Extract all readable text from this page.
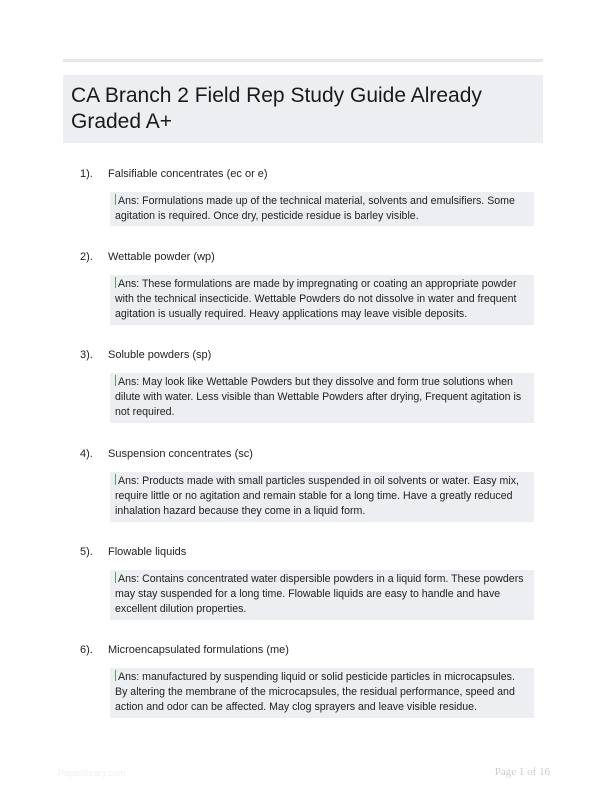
CA Branch 2 Field Rep Study Guide Already Graded A+
1). Falsifiable concentrates (ec or e)
Ans: Formulations made up of the technical material, solvents and emulsifiers. Some agitation is required. Once dry, pesticide residue is barley visible.
2). Wettable powder (wp)
Ans: These formulations are made by impregnating or coating an appropriate powder with the technical insecticide. Wettable Powders do not dissolve in water and frequent agitation is usually required. Heavy applications may leave visible deposits.
3). Soluble powders (sp)
Ans: May look like Wettable Powders but they dissolve and form true solutions when dilute with water. Less visible than Wettable Powders after drying, Frequent agitation is not required.
4). Suspension concentrates (sc)
Ans: Products made with small particles suspended in oil solvents or water. Easy mix, require little or no agitation and remain stable for a long time. Have a greatly reduced inhalation hazard because they come in a liquid form.
5). Flowable liquids
Ans: Contains concentrated water dispersible powders in a liquid form. These powders may stay suspended for a long time. Flowable liquids are easy to handle and have excellent dilution properties.
6). Microencapsulated formulations (me)
Ans: manufactured by suspending liquid or solid pesticide particles in microcapsules. By altering the membrane of the microcapsules, the residual performance, speed and action and odor can be affected. May clog sprayers and leave visible residue.
Paperlibrary.com	Page 1 of 16
